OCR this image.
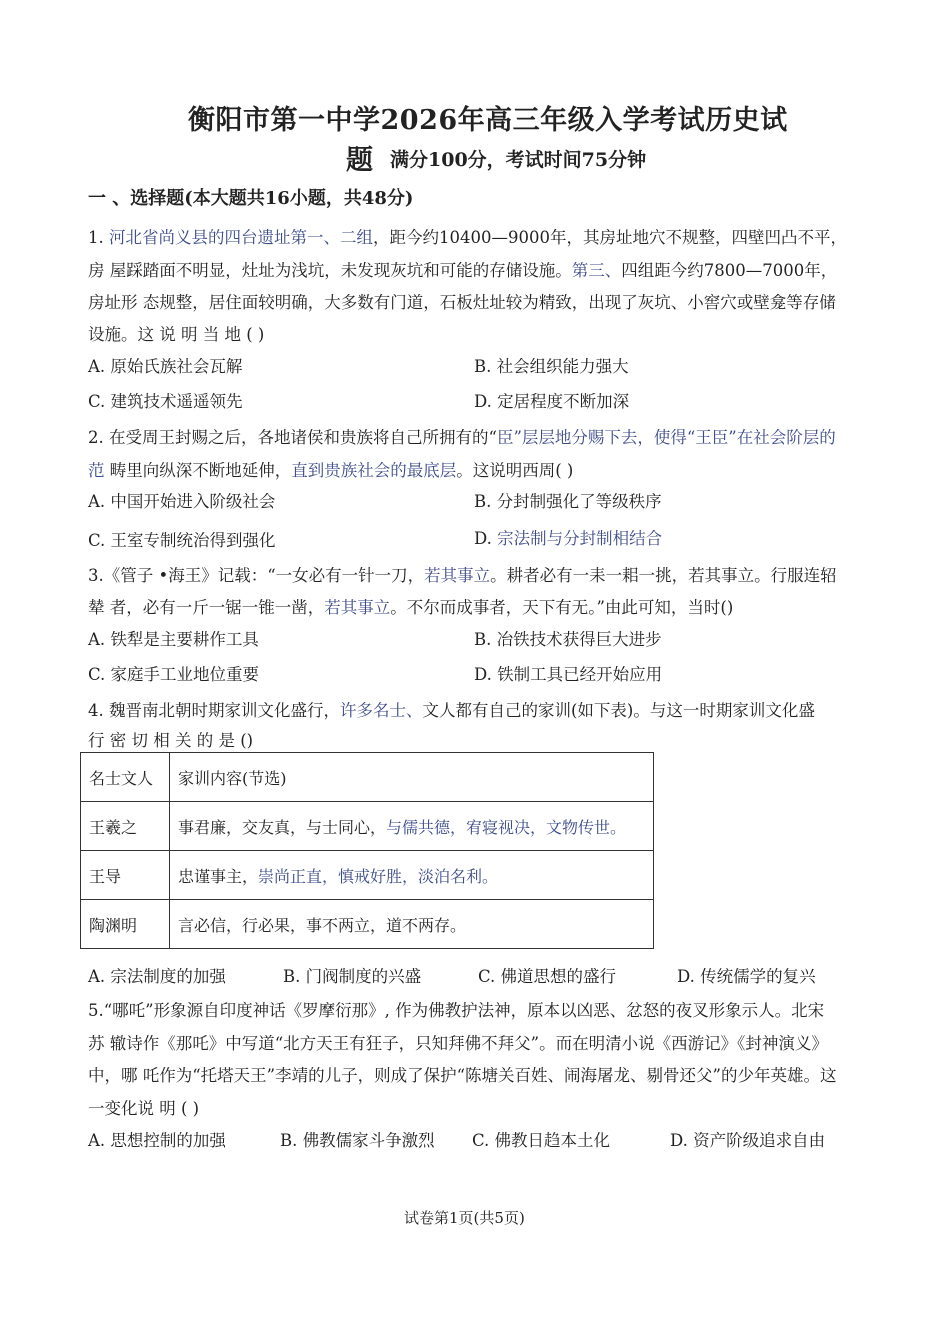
衡阳市第一中学2026年高三年级入学考试历史试
题 满分100分，考试时间75分钟
一 、选择题(本大题共16小题，共48分)
1. 河北省尚义县的四台遗址第一、二组，距今约10400—9000年，其房址地穴不规整，四壁凹凸不平，
房 屋踩踏面不明显，灶址为浅坑，未发现灰坑和可能的存储设施。第三、四组距今约7800—7000年，
房址形 态规整，居住面较明确，大多数有门道，石板灶址较为精致，出现了灰坑、小窖穴或壁龛等存储
设施。这 说 明 当 地 ( )
A. 原始氏族社会瓦解	B. 社会组织能力强大
C. 建筑技术遥遥领先	D. 定居程度不断加深
2. 在受周王封赐之后，各地诸侯和贵族将自己所拥有的“臣”层层地分赐下去，使得“王臣”在社会阶层的
范 畴里向纵深不断地延伸，直到贵族社会的最底层。这说明西周( )
A. 中国开始进入阶级社会	B. 分封制强化了等级秩序
C. 王室专制统治得到强化	D. 宗法制与分封制相结合
3.《管子 •海王》记载：“一女必有一针一刀，若其事立。耕者必有一耒一耜一挑，若其事立。行服连轺
辇 者，必有一斤一锯一锥一凿，若其事立。不尔而成事者，天下有无。”由此可知，当时()
A. 铁犁是主要耕作工具	B. 冶铁技术获得巨大进步
C. 家庭手工业地位重要	D. 铁制工具已经开始应用
4. 魏晋南北朝时期家训文化盛行，许多名士、文人都有自己的家训(如下表)。与这一时期家训文化盛
行 密 切 相 关 的 是 ()
名士文人	家训内容(节选)
王羲之	事君廉，交友真，与士同心，与儒共德，宥寝视决，文物传世。
王导	忠谨事主，崇尚正直，慎戒好胜，淡泊名利。
陶渊明	言必信，行必果，事不两立，道不两存。
A. 宗法制度的加强	B. 门阀制度的兴盛	C. 佛道思想的盛行	D. 传统儒学的复兴
5.“哪吒”形象源自印度神话《罗摩衍那》, 作为佛教护法神，原本以凶恶、忿怒的夜叉形象示人。北宋
苏 辙诗作《那吒》中写道“北方天王有狂子，只知拜佛不拜父”。而在明清小说《西游记》《封神演义》
中，哪 吒作为“托塔天王”李靖的儿子，则成了保护“陈塘关百姓、闹海屠龙、剔骨还父”的少年英雄。这
一变化说 明 ( )
A. 思想控制的加强	B. 佛教儒家斗争激烈 C. 佛教日趋本土化	D. 资产阶级追求自由
试卷第1页(共5页)
